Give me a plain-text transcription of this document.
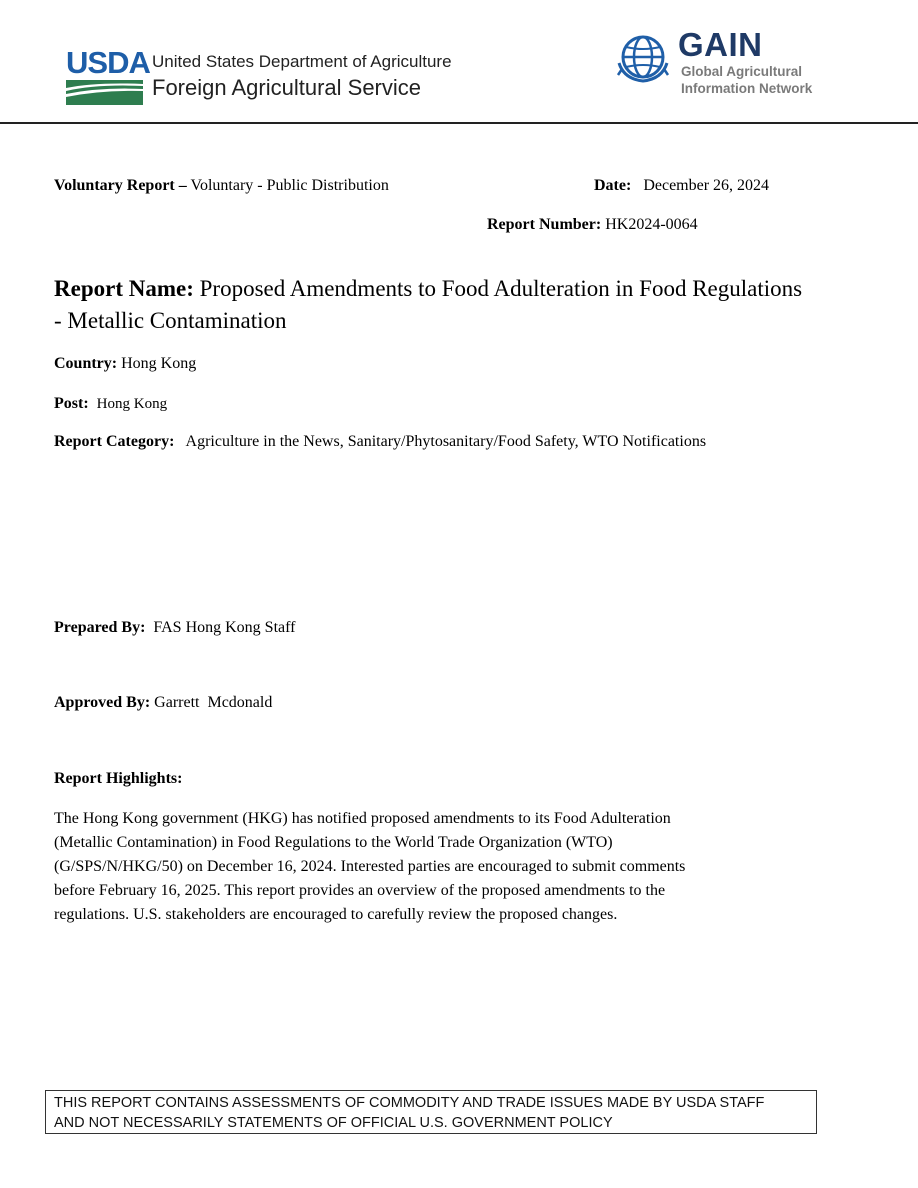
USDA United States Department of Agriculture
Foreign Agricultural Service
GAIN
Global Agricultural
Information Network
Voluntary Report – Voluntary - Public Distribution	Date: December 26, 2024
Report Number: HK2024-0064
Report Name: Proposed Amendments to Food Adulteration in Food Regulations - Metallic Contamination
Country: Hong Kong
Post: Hong Kong
Report Category: Agriculture in the News, Sanitary/Phytosanitary/Food Safety, WTO Notifications
Prepared By: FAS Hong Kong Staff
Approved By: Garrett  Mcdonald
Report Highlights:
The Hong Kong government (HKG) has notified proposed amendments to its Food Adulteration
(Metallic Contamination) in Food Regulations to the World Trade Organization (WTO)
(G/SPS/N/HKG/50) on December 16, 2024. Interested parties are encouraged to submit comments
before February 16, 2025. This report provides an overview of the proposed amendments to the
regulations. U.S. stakeholders are encouraged to carefully review the proposed changes.
THIS REPORT CONTAINS ASSESSMENTS OF COMMODITY AND TRADE ISSUES MADE BY USDA STAFF
AND NOT NECESSARILY STATEMENTS OF OFFICIAL U.S. GOVERNMENT POLICY
